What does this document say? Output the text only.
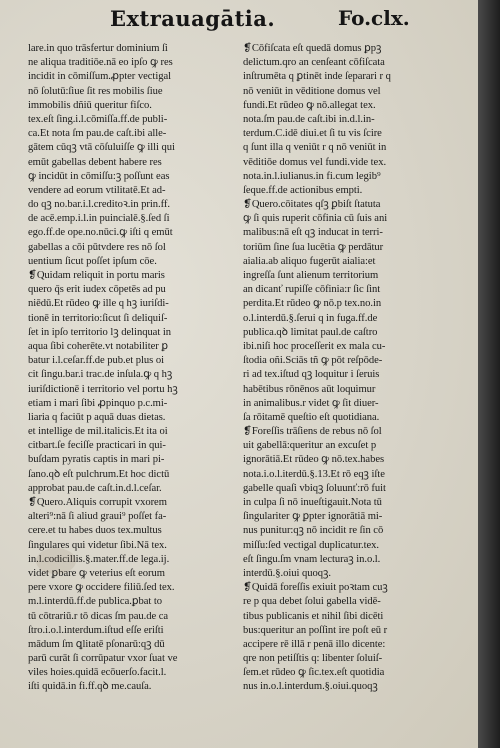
Extrauagātia.	Fo.clx.
lare.in quo trāsfertur dominium ſi
ne aliqua traditiōe.nā eo ipſo ꝙ res
incidit in cōmiſſum.ꝓpter vectigal
nō ſolutū:ſiue ſit res mobilis ſiue
immobilis dñiū queritur fiſco.
tex.eſt ſing.i.l.cōmiſſa.ff.de publi-
ca.Et nota ſm pau.de caſt.ibi alle-
gātem cūqꝫ vtā cōſuluiſſe ꝙ illi qui
emūt gabellas debent habere res
ꝙ incidūt in cōmiſſu:ꝫ poſſunt eas
vendere ad eorum vtilitatē.Et ad-
do qꝫ no.bar.i.l.creditoꝛ.in prin.ff.
de acē.emp.i.l.in puincialē.§.ſed ſi
ego.ff.de ope.no.nūci.ꝙ iſti q emūt
gabellas a cōi pūtvdere res nō ſol
uentium ſicut poſſet ipſum cōe.
❡Quidam reliquit in portu maris
quero q̄s erit iudex cōpetēs ad pu
niēdū.Et rūdeo ꝙ ille q hꝫ iuriſdi-
tionē in territorio:ſicut ſi deliquiſ-
ſet in ipſo territorio lꝫ delinquat in
aqua ſibi coherēte.vt notabiliter ꝑ
batur i.l.ceſar.ff.de pub.et plus oi
cit ſingu.bar.i trac.de inſula.ꝙ q hꝫ
iuriſdictionē i territorio vel portu hꝫ
etiam i mari ſibi ꝓpinquo p.c.mi-
liaria q faciūt p aquā duas dietas.
et intellige de mil.italicis.Et ita oi
citbart.ſe feciſſe practicari in qui-
buſdam pyratis captis in mari pi-
ſano.qꝺ eſt pulchrum.Et hoc dictū
approbat pau.de caſt.in.d.l.ceſar.
❡Quero.Aliquis corrupit vxorem
alteri⁹:nā ſi aliud graui⁹ poſſet fa-
cere.et tu habes duos tex.multus
ſingulares qui videtur ſibi.Nā tex.
in.l.codicillis.§.mater.ff.de lega.ij.
videt ꝑbare ꝙ veterius eſt eorum
pere vxore ꝙ occidere filiū.ſed tex.
m.l.interdū.ff.de publica.ꝑbat to
tū cōtrariū.r tō dicas ſm pau.de ca
ſtro.i.o.l.interdum.iſtud eſſe eriſti
mādum ſm ꝗlitatē pſonarū:qꝫ dū
parū curāt ſi corrūpatur vxor ſuat ve
viles hoies.quidā ecōuerſo.facit.l.
iſti quidā.in fi.ff.qꝺ me.cauſa.
❡Cōfiſcata eſt quedā domus ꝑpꝫ
delictum.qro an cenſeant cōfiſcata
inſtrumēta q ꝑtinēt inde ſeparari r q
nō veniūt in vēditione domus vel
fundi.Et rūdeo ꝙ nō.allegat tex.
nota.ſm pau.de caſt.ibi in.d.l.in-
terdum.C.idē diui.et ſi tu vis ſcire
q ſunt illa q veniūt r q nō veniūt in
vēditiōe domus vel fundi.vide tex.
nota.in.l.iulianus.in fi.cum legib⁹
ſeque.ff.de actionibus empti.
❡Quero.cōitates qſꝫ ꝑbiſt ſtatuta
ꝙ ſi quis ruperit cōfinia cū ſuis ani
malibus:nā eſt qꝫ inducat in terri-
toriūm ſine ſua lucētia ꝙ perdātur
aialia.ab aliquo fugerūt aialia:et
ingreſſa ſunt alienum territorium
an dicanť rupiſſe cōfinia:r ſic ſint
perdita.Et rūdeo ꝙ nō.p tex.no.in
o.l.interdū.§.ſerui q in fuga.ff.de
publica.qꝺ limitat paul.de caſtro
ibi.niſi hoc proceſſerit ex mala cu-
ſtodia oñi.Sciās tñ ꝙ pōt reſpōde-
ri ad tex.iſtud qꝫ loquitur i ſeruis
habētibus rōnēnos aūt loquimur
in animalibus.r videt ꝙ ſit diuer-
ſa rōitamē queſtio eſt quotidiana.
❡Foreſſis trāſiens de rebus nō ſol
uit gabellā:queritur an excuſet p
ignorātiā.Et rūdeo ꝙ nō.tex.habes
nota.i.o.l.iterdū.§.13.Et rō eqꝫ iſte
gabelle quaſi vbiqꝫ ſoluunť:rō fuit
in culpa ſi nō inueſtigauit.Nota tū
ſingulariter ꝙ ꝑpter ignorātiā mi-
nus punitur:qꝫ nō incidit re ſin cō
miſſu:ſed vectigal duplicatur.tex.
eſt ſingu.ſm vnam lecturaꝫ in.o.l.
interdū.§.oiui quoqꝫ.
❡Quidā foreſſis exiuit poꝛtam cuꝫ
re p qua debet ſolui gabella vidē-
tibus publicanis et nihil ſibi dicēti
bus:queritur an poſſint ire poſt eū r
accipere rē illā r penā illo dicente:
qre non petiſſtis q: libenter ſoluiſ-
ſem.et rūdeo ꝙ ſic.tex.eſt quotidia
nus in.o.l.interdum.§.oiui.quoqꝫ
